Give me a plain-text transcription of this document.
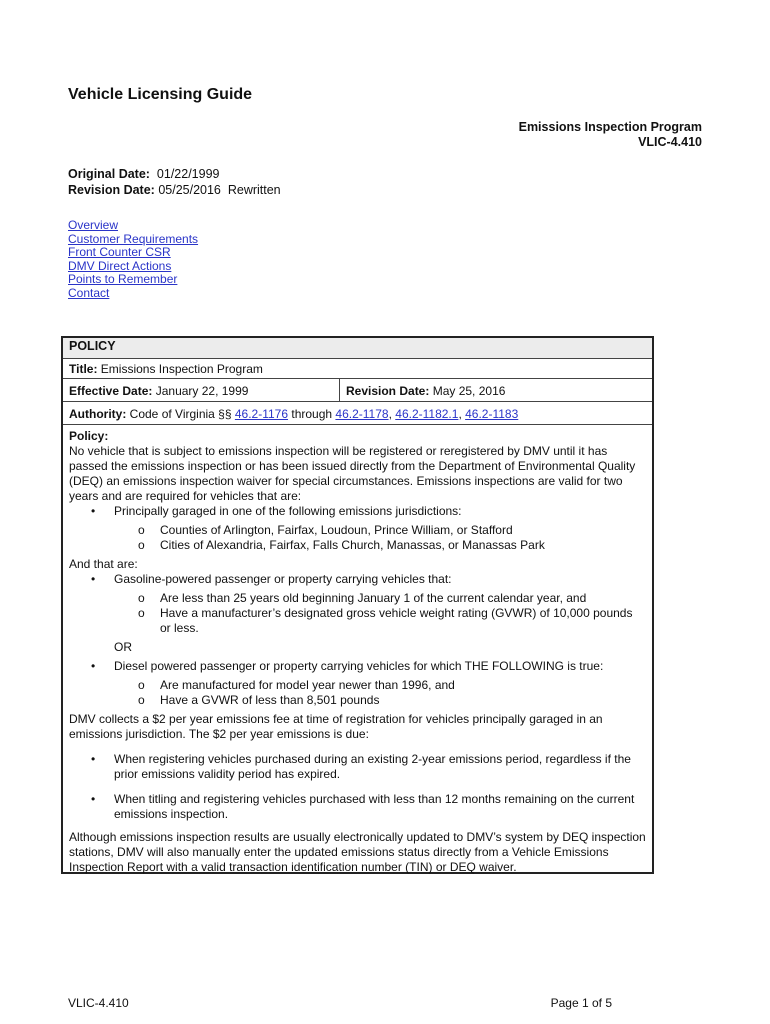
Vehicle Licensing Guide
Emissions Inspection Program
VLIC-4.410
Original Date: 01/22/1999
Revision Date: 05/25/2016  Rewritten
Overview
Customer Requirements
Front Counter CSR
DMV Direct Actions
Points to Remember
Contact
POLICY
Title: Emissions Inspection Program
Effective Date: January 22, 1999	Revision Date: May 25, 2016
Authority: Code of Virginia §§ 46.2-1176 through 46.2-1178, 46.2-1182.1, 46.2-1183

Policy:

No vehicle that is subject to emissions inspection will be registered or reregistered by DMV until it has passed the emissions inspection or has been issued directly from the Department of Environmental Quality (DEQ) an emissions inspection waiver for special circumstances. Emissions inspections are valid for two years and are required for vehicles that are:

• Principally garaged in one of the following emissions jurisdictions:
o Counties of Arlington, Fairfax, Loudoun, Prince William, or Stafford
o Cities of Alexandria, Fairfax, Falls Church, Manassas, or Manassas Park

And that are:

• Gasoline-powered passenger or property carrying vehicles that:
o Are less than 25 years old beginning January 1 of the current calendar year, and
o Have a manufacturer’s designated gross vehicle weight rating (GVWR) of 10,000 pounds or less.
OR
• Diesel powered passenger or property carrying vehicles for which THE FOLLOWING is true:
o Are manufactured for model year newer than 1996, and
o Have a GVWR of less than 8,501 pounds

DMV collects a $2 per year emissions fee at time of registration for vehicles principally garaged in an emissions jurisdiction. The $2 per year emissions is due:

• When registering vehicles purchased during an existing 2-year emissions period, regardless if the prior emissions validity period has expired.
• When titling and registering vehicles purchased with less than 12 months remaining on the current emissions inspection.

Although emissions inspection results are usually electronically updated to DMV’s system by DEQ inspection stations, DMV will also manually enter the updated emissions status directly from a Vehicle Emissions Inspection Report with a valid transaction identification number (TIN) or DEQ waiver.

VLIC-4.410	Page 1 of 5
